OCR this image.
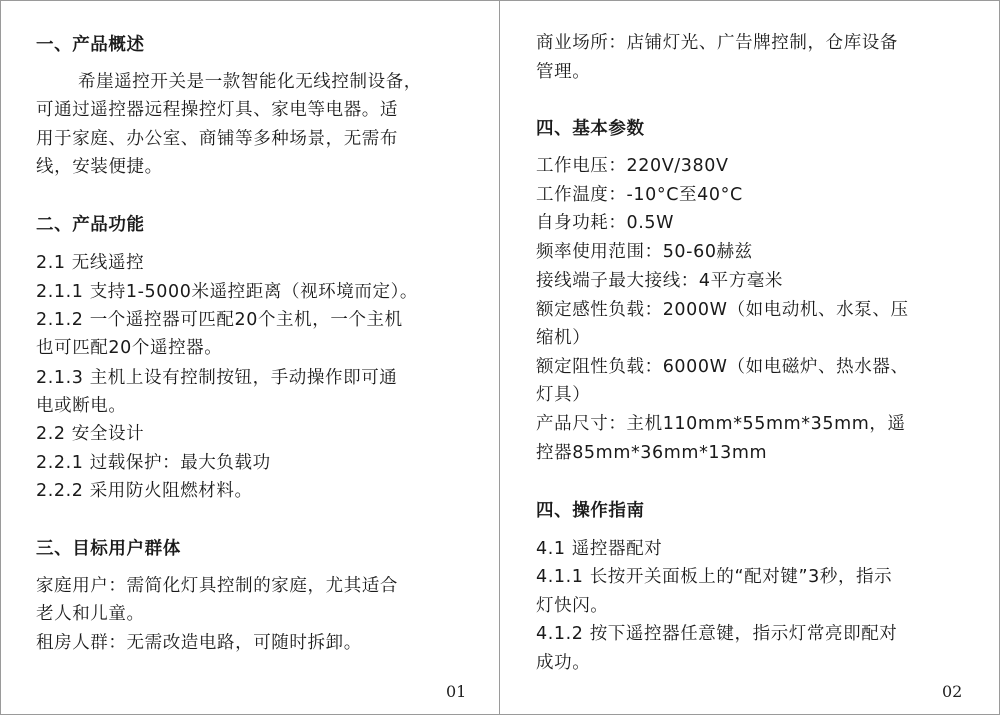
一、产品概述

希崖遥控开关是一款智能化无线控制设备，

可通过遥控器远程操控灯具、家电等电器。适

用于家庭、办公室、商铺等多种场景，无需布

线，安装便捷。

二、产品功能

2.1 无线遥控

2.1.1 支持1-5000米遥控距离（视环境而定）。

2.1.2 一个遥控器可匹配20个主机，一个主机

也可匹配20个遥控器。

2.1.3 主机上设有控制按钮，手动操作即可通

电或断电。

2.2 安全设计

2.2.1 过载保护：最大负载功

2.2.2 采用防火阻燃材料。

三、目标用户群体

家庭用户：需简化灯具控制的家庭，尤其适合

老人和儿童。

租房人群：无需改造电路，可随时拆卸。

01

商业场所：店铺灯光、广告牌控制，仓库设备

管理。

四、基本参数

工作电压：220V/380V

工作温度：-10°C至40°C

自身功耗：0.5W

频率使用范围：50-60赫兹

接线端子最大接线：4平方毫米

额定感性负载：2000W（如电动机、水泵、压

缩机）

额定阻性负载：6000W（如电磁炉、热水器、

灯具）

产品尺寸：主机110mm*55mm*35mm，遥

控器85mm*36mm*13mm

四、操作指南

4.1 遥控器配对

4.1.1 长按开关面板上的“配对键”3秒，指示

灯快闪。

4.1.2 按下遥控器任意键，指示灯常亮即配对

成功。

02
